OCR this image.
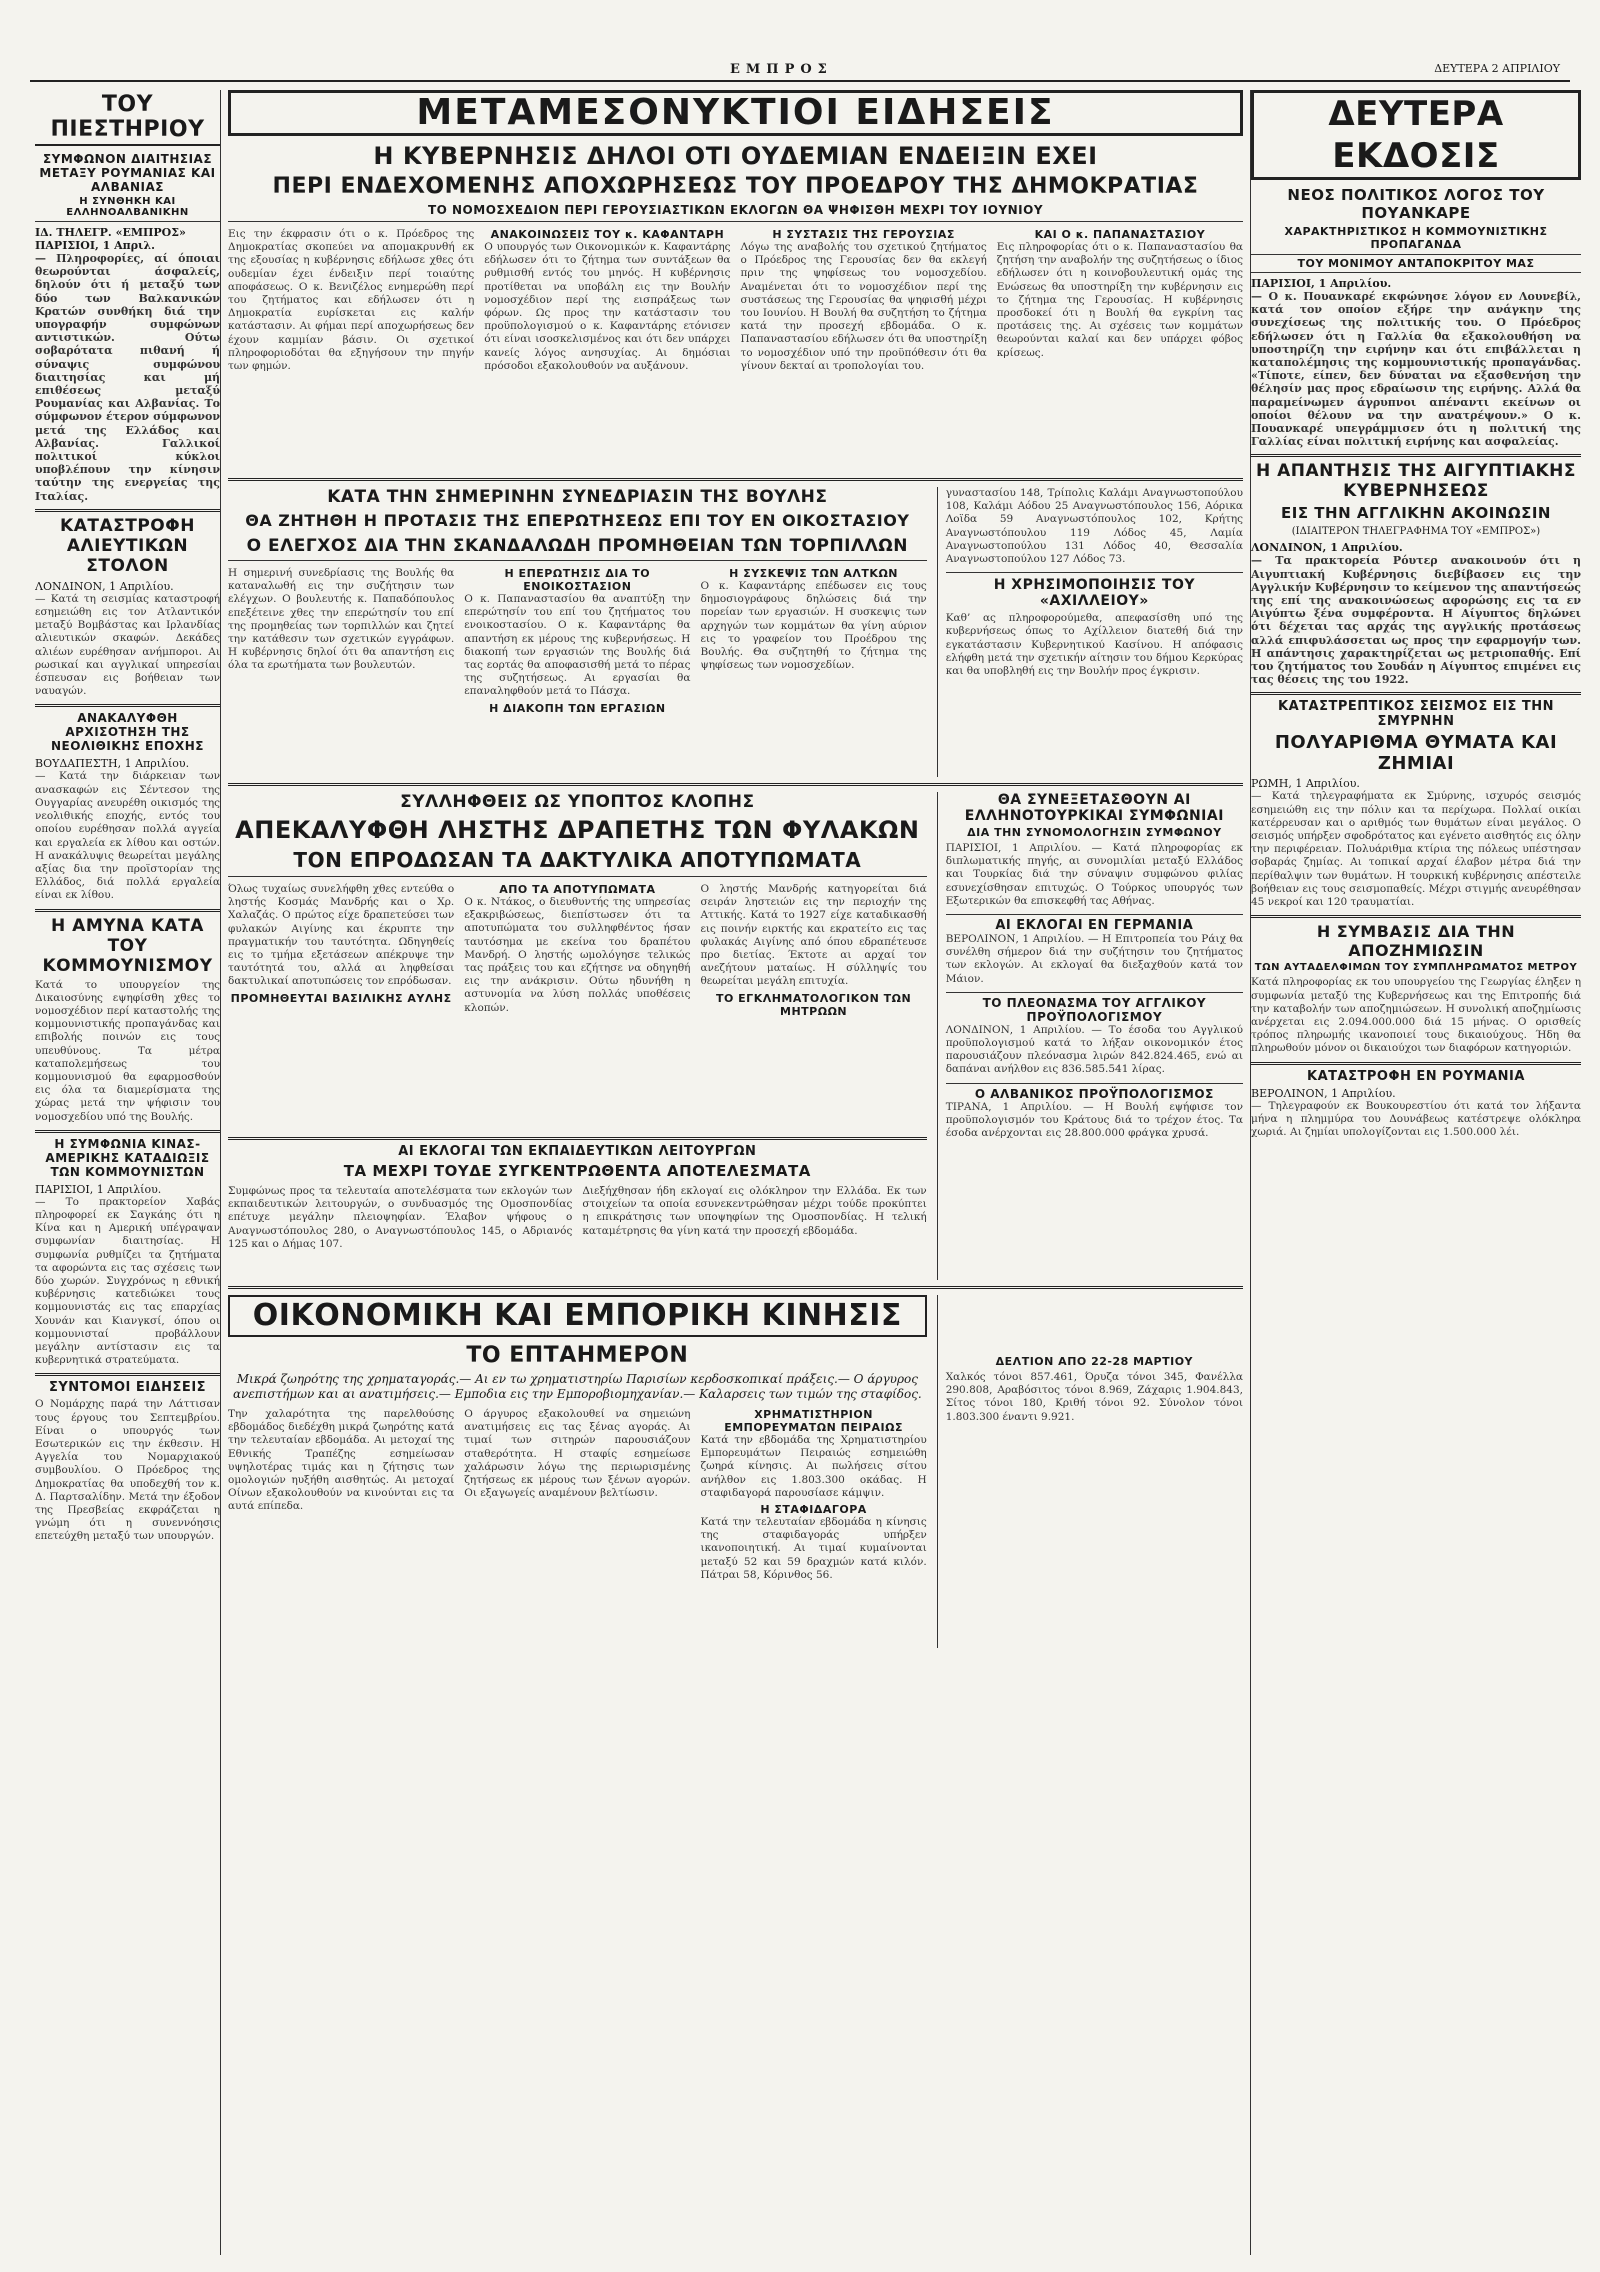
ΕΜΠΡΟΣ	ΔΕΥΤΕΡΑ 2 ΑΠΡΙΛΙΟΥ
ΤΟΥ ΠΙΕΣΤΗΡΙΟΥ
ΣΥΜΦΩΝΟΝ ΔΙΑΙΤΗΣΙΑΣ ΜΕΤΑΞΥ ΡΟΥΜΑΝΙΑΣ ΚΑΙ ΑΛΒΑΝΙΑΣ
Η ΣΥΝΘΗΚΗ ΚΑΙ ΕΛΛΗΝΟΑΛΒΑΝΙΚΗΝ
ΙΔ. ΤΗΛΕΓΡ. «ΕΜΠΡΟΣ» ΠΑΡΙΣΙΟΙ, 1 Απριλ.
— Πληροφορίες, αί όποιαι θεωρούνται άσφαλείς, δηλούν ότι ή μεταξύ των δύο των Βαλκανικών Κρατών συνθήκη διά την υπογραφήν συμφώνων αντιστικών. Ούτω σοβαρότατα πιθανή ή σύναψις συμφώνου διαιτησίας και μή επιθέσεως μεταξύ Ρουμανίας και Αλβανίας. Το σύμφωνον έτερον σύμφωνον μετά της Ελλάδος και Αλβανίας. Γαλλικοί πολιτικοί κύκλοι υποβλέπουν την κίνησιν ταύτην της ενεργείας της Ιταλίας.
ΚΑΤΑΣΤΡΟΦΗ ΑΛΙΕΥΤΙΚΩΝ ΣΤΟΛΟΝ
ΛΟΝΔΙΝΟΝ, 1 Απριλίου.
— Κατά τη σεισμίας καταστροφή εσημειώθη εις τον Ατλαντικόν μεταξύ Βομβάστας και Ιρλανδίας αλιευτικών σκαφών. Δεκάδες αλιέων ευρέθησαν ανήμποροι. Αι ρωσικαί και αγγλικαί υπηρεσίαι έσπευσαν εις βοήθειαν των ναυαγών.
ΑΝΑΚΑΛΥΦΘΗ ΑΡΧΙΣΟΤΗΣΗ ΤΗΣ ΝΕΟΛΙΘΙΚΗΣ ΕΠΟΧΗΣ
ΒΟΥΔΑΠΕΣΤΗ, 1 Απριλίου.
— Κατά την διάρκειαν των ανασκαφών εις Σέντεσον της Ουγγαρίας ανευρέθη οικισμός της νεολιθικής εποχής, εντός του οποίου ευρέθησαν πολλά αγγεία και εργαλεία εκ λίθου και οστών. Η ανακάλυψις θεωρείται μεγάλης αξίας δια την προϊστορίαν της Ελλάδος, διά πολλά εργαλεία είναι εκ λίθου.
Η ΑΜΥΝΑ ΚΑΤΑ ΤΟΥ ΚΟΜΜΟΥΝΙΣΜΟΥ
Κατά το υπουργείον της Δικαιοσύνης εψηφίσθη χθες το νομοσχέδιον περί καταστολής της κομμουνιστικής προπαγάνδας και επιβολής ποινών εις τους υπευθύνους. Τα μέτρα καταπολεμήσεως του κομμουνισμού θα εφαρμοσθούν εις όλα τα διαμερίσματα της χώρας μετά την ψήφισιν του νομοσχεδίου υπό της Βουλής.
Η ΣΥΜΦΩΝΙΑ ΚΙΝΑΣ-ΑΜΕΡΙΚΗΣ ΚΑΤΑΔΙΩΞΙΣ ΤΩΝ ΚΟΜΜΟΥΝΙΣΤΩΝ
ΠΑΡΙΣΙΟΙ, 1 Απριλίου.
— Το πρακτορείον Χαβάς πληροφορεί εκ Σαγκάης ότι η Κίνα και η Αμερική υπέγραψαν συμφωνίαν διαιτησίας. Η συμφωνία ρυθμίζει τα ζητήματα τα αφορώντα εις τας σχέσεις των δύο χωρών. Συγχρόνως η εθνική κυβέρνησις κατεδιώκει τους κομμουνιστάς εις τας επαρχίας Χουνάν και Κιανγκσί, όπου οι κομμουνισταί προβάλλουν μεγάλην αντίστασιν εις τα κυβερνητικά στρατεύματα.
ΣΥΝΤΟΜΟΙ ΕΙΔΗΣΕΙΣ
Ο Νομάρχης παρά την Λάττισαν τους έργους του Σεπτεμβρίου. Είναι ο υπουργός των Εσωτερικών εις την έκθεσιν. Η Αγγελία του Νομαρχιακού συμβουλίου. Ο Πρόεδρος της Δημοκρατίας θα υποδεχθή τον κ. Δ. Παρτσαλίδην. Μετά την έξοδον της Πρεσβείας εκφράζεται η γνώμη ότι η συνεννόησις επετεύχθη μεταξύ των υπουργών.
ΜΕΤΑΜΕΣΟΝΥΚΤΙΟΙ ΕΙΔΗΣΕΙΣ
Η ΚΥΒΕΡΝΗΣΙΣ ΔΗΛΟΙ ΟΤΙ ΟΥΔΕΜΙΑΝ ΕΝΔΕΙΞΙΝ ΕΧΕΙ
ΠΕΡΙ ΕΝΔΕΧΟΜΕΝΗΣ ΑΠΟΧΩΡΗΣΕΩΣ ΤΟΥ ΠΡΟΕΔΡΟΥ ΤΗΣ ΔΗΜΟΚΡΑΤΙΑΣ
ΤΟ ΝΟΜΟΣΧΕΔΙΟΝ ΠΕΡΙ ΓΕΡΟΥΣΙΑΣΤΙΚΩΝ ΕΚΛΟΓΩΝ ΘΑ ΨΗΦΙΣΘΗ ΜΕΧΡΙ ΤΟΥ ΙΟΥΝΙΟΥ
Εις την έκφρασιν ότι ο κ. Πρόεδρος της Δημοκρατίας σκοπεύει να απομακρυνθή εκ της εξουσίας η κυβέρνησις εδήλωσε χθες ότι ουδεμίαν έχει ένδειξιν περί τοιαύτης αποφάσεως. Ο κ. Βενιζέλος ενημερώθη περί του ζητήματος και εδήλωσεν ότι η Δημοκρατία ευρίσκεται εις καλήν κατάστασιν. Αι φήμαι περί αποχωρήσεως δεν έχουν καμμίαν βάσιν. Οι σχετικοί πληροφοριοδόται θα εξηγήσουν την πηγήν των φημών.
ΑΝΑΚΟΙΝΩΣΕΙΣ ΤΟΥ κ. ΚΑΦΑΝΤΑΡΗ
Ο υπουργός των Οικονομικών κ. Καφαντάρης εδήλωσεν ότι το ζήτημα των συντάξεων θα ρυθμισθή εντός του μηνός. Η κυβέρνησις προτίθεται να υποβάλη εις την Βουλήν νομοσχέδιον περί της εισπράξεως των φόρων. Ως προς την κατάστασιν του προϋπολογισμού ο κ. Καφαντάρης ετόνισεν ότι είναι ισοσκελισμένος και ότι δεν υπάρχει κανείς λόγος ανησυχίας. Αι δημόσιαι πρόσοδοι εξακολουθούν να αυξάνουν.
Η ΣΥΣΤΑΣΙΣ ΤΗΣ ΓΕΡΟΥΣΙΑΣ
Λόγω της αναβολής του σχετικού ζητήματος ο Πρόεδρος της Γερουσίας δεν θα εκλεγή πριν της ψηφίσεως του νομοσχεδίου. Αναμένεται ότι το νομοσχέδιον περί της συστάσεως της Γερουσίας θα ψηφισθή μέχρι του Ιουνίου. Η Βουλή θα συζητήση το ζήτημα κατά την προσεχή εβδομάδα. Ο κ. Παπαναστασίου εδήλωσεν ότι θα υποστηρίξη το νομοσχέδιον υπό την προϋπόθεσιν ότι θα γίνουν δεκταί αι τροπολογίαι του.
ΚΑΙ Ο κ. ΠΑΠΑΝΑΣΤΑΣΙΟΥ
Εις πληροφορίας ότι ο κ. Παπαναστασίου θα ζητήση την αναβολήν της συζητήσεως ο ίδιος εδήλωσεν ότι η κοινοβουλευτική ομάς της Ενώσεως θα υποστηρίξη την κυβέρνησιν εις το ζήτημα της Γερουσίας. Η κυβέρνησις προσδοκεί ότι η Βουλή θα εγκρίνη τας προτάσεις της. Αι σχέσεις των κομμάτων θεωρούνται καλαί και δεν υπάρχει φόβος κρίσεως.
ΚΑΤΑ ΤΗΝ ΣΗΜΕΡΙΝΗΝ ΣΥΝΕΔΡΙΑΣΙΝ ΤΗΣ ΒΟΥΛΗΣ
ΘΑ ΖΗΤΗΘΗ Η ΠΡΟΤΑΣΙΣ ΤΗΣ ΕΠΕΡΩΤΗΣΕΩΣ ΕΠΙ ΤΟΥ ΕΝ ΟΙΚΟΣΤΑΣΙΟΥ
Ο ΕΛΕΓΧΟΣ ΔΙΑ ΤΗΝ ΣΚΑΝΔΑΛΩΔΗ ΠΡΟΜΗΘΕΙΑΝ ΤΩΝ ΤΟΡΠΙΛΛΩΝ
Η σημερινή συνεδρίασις της Βουλής θα καταναλωθή εις την συζήτησιν των ελέγχων. Ο βουλευτής κ. Παπαδόπουλος επεξέτεινε χθες την επερώτησίν του επί της προμηθείας των τορπιλλών και ζητεί την κατάθεσιν των σχετικών εγγράφων. Η κυβέρνησις δηλοί ότι θα απαντήση εις όλα τα ερωτήματα των βουλευτών.
Η ΕΠΕΡΩΤΗΣΙΣ ΔΙΑ ΤΟ ΕΝΟΙΚΟΣΤΑΣΙΟΝ
Ο κ. Παπαναστασίου θα αναπτύξη την επερώτησίν του επί του ζητήματος του ενοικοστασίου. Ο κ. Καφαντάρης θα απαντήση εκ μέρους της κυβερνήσεως. Η διακοπή των εργασιών της Βουλής διά τας εορτάς θα αποφασισθή μετά το πέρας της συζητήσεως. Αι εργασίαι θα επαναληφθούν μετά το Πάσχα.
Η ΔΙΑΚΟΠΗ ΤΩΝ ΕΡΓΑΣΙΩΝ
Η ΣΥΣΚΕΨΙΣ ΤΩΝ ΑΛΤΚΩΝ
Ο κ. Καφαντάρης επέδωσεν εις τους δημοσιογράφους δηλώσεις διά την πορείαν των εργασιών. Η συσκεψις των αρχηγών των κομμάτων θα γίνη αύριον εις το γραφείον του Προέδρου της Βουλής. Θα συζητηθή το ζήτημα της ψηφίσεως των νομοσχεδίων.
γυναστασίου 148, Τρίπολις Καλάμι Αναγνωστοπούλου 108, Καλάμι Αόδου 25 Αναγνωστόπουλος 156, Αόρικα Λοϊδα 59 Αναγνωστόπουλος 102, Κρήτης Αναγνωστόπουλου 119 Λόδος 45, Λαμία Αναγνωστοπούλου 131 Λόδος 40, Θεσσαλία Αναγνωστοπούλου 127 Λόδος 73.
Η ΧΡΗΣΙΜΟΠΟΙΗΣΙΣ ΤΟΥ «ΑΧΙΛΛΕΙΟΥ»
Καθ’ ας πληροφορούμεθα, απεφασίσθη υπό της κυβερνήσεως όπως το Αχίλλειον διατεθή διά την εγκατάστασιν Κυβερνητικού Κασίνου. Η απόφασις ελήφθη μετά την σχετικήν αίτησιν του δήμου Κερκύρας και θα υποβληθή εις την Βουλήν προς έγκρισιν.
ΣΥΛΛΗΦΘΕΙΣ ΩΣ ΥΠΟΠΤΟΣ ΚΛΟΠΗΣ
ΑΠΕΚΑΛΥΦΘΗ ΛΗΣΤΗΣ ΔΡΑΠΕΤΗΣ ΤΩΝ ΦΥΛΑΚΩΝ
ΤΟΝ ΕΠΡΟΔΩΣΑΝ ΤΑ ΔΑΚΤΥΛΙΚΑ ΑΠΟΤΥΠΩΜΑΤΑ
Όλως τυχαίως συνελήφθη χθες εντεύθα ο ληστής Κοσμάς Μανδρής και ο Χρ. Χαλαζάς. Ο πρώτος είχε δραπετεύσει των φυλακών Αιγίνης και έκρυπτε την πραγματικήν του ταυτότητα. Ωδηγηθείς εις το τμήμα εξετάσεων απέκρυψε την ταυτότητά του, αλλά αι ληφθείσαι δακτυλικαί αποτυπώσεις τον επρόδωσαν.
ΠΡΟΜΗΘΕΥΤΑΙ ΒΑΣΙΛΙΚΗΣ ΑΥΛΗΣ
ΑΠΟ ΤΑ ΑΠΟΤΥΠΩΜΑΤΑ
Ο κ. Ντάκος, ο διευθυντής της υπηρεσίας εξακριβώσεως, διεπίστωσεν ότι τα αποτυπώματα του συλληφθέντος ήσαν ταυτόσημα με εκείνα του δραπέτου Μανδρή. Ο ληστής ωμολόγησε τελικώς τας πράξεις του και εζήτησε να οδηγηθή εις την ανάκρισιν. Ούτω ηδυνήθη η αστυνομία να λύση πολλάς υποθέσεις κλοπών.
Ο ληστής Μανδρής κατηγορείται διά σειράν ληστειών εις την περιοχήν της Αττικής. Κατά το 1927 είχε καταδικασθή εις ποινήν ειρκτής και εκρατείτο εις τας φυλακάς Αιγίνης από όπου εδραπέτευσε προ διετίας. Έκτοτε αι αρχαί τον ανεζήτουν ματαίως. Η σύλληψίς του θεωρείται μεγάλη επιτυχία.
ΤΟ ΕΓΚΛΗΜΑΤΟΛΟΓΙΚΟΝ ΤΩΝ ΜΗΤΡΩΩΝ
ΑΙ ΕΚΛΟΓΑΙ ΤΩΝ ΕΚΠΑΙΔΕΥΤΙΚΩΝ ΛΕΙΤΟΥΡΓΩΝ
ΤΑ ΜΕΧΡΙ ΤΟΥΔΕ ΣΥΓΚΕΝΤΡΩΘΕΝΤΑ ΑΠΟΤΕΛΕΣΜΑΤΑ
Συμφώνως προς τα τελευταία αποτελέσματα των εκλογών των εκπαιδευτικών λειτουργών, ο συνδυασμός της Ομοσπονδίας επέτυχε μεγάλην πλειοψηφίαν. Έλαβον ψήφους ο Αναγνωστόπουλος 280, ο Αναγνωστόπουλος 145, ο Αδριανός 125 και ο Δήμας 107.
Διεξήχθησαν ήδη εκλογαί εις ολόκληρον την Ελλάδα. Εκ των στοιχείων τα οποία εσυνεκεντρώθησαν μέχρι τούδε προκύπτει η επικράτησις των υποψηφίων της Ομοσπονδίας. Η τελική καταμέτρησις θα γίνη κατά την προσεχή εβδομάδα.
ΘΑ ΣΥΝΕΞΕΤΑΣΘΟΥΝ ΑΙ ΕΛΛΗΝΟΤΟΥΡΚΙΚΑΙ ΣΥΜΦΩΝΙΑΙ
ΔΙΑ ΤΗΝ ΣΥΝΟΜΟΛΟΓΗΣΙΝ ΣΥΜΦΩΝΟΥ
ΠΑΡΙΣΙΟΙ, 1 Απριλίου. — Κατά πληροφορίας εκ διπλωματικής πηγής, αι συνομιλίαι μεταξύ Ελλάδος και Τουρκίας διά την σύναψιν συμφώνου φιλίας εσυνεχίσθησαν επιτυχώς. Ο Τούρκος υπουργός των Εξωτερικών θα επισκεφθή τας Αθήνας.
ΑΙ ΕΚΛΟΓΑΙ ΕΝ ΓΕΡΜΑΝΙΑ
ΒΕΡΟΛΙΝΟΝ, 1 Απριλίου. — Η Επιτροπεία του Ράιχ θα συνέλθη σήμερον διά την συζήτησιν του ζητήματος των εκλογών. Αι εκλογαί θα διεξαχθούν κατά τον Μάιον.
ΤΟ ΠΛΕΟΝΑΣΜΑ ΤΟΥ ΑΓΓΛΙΚΟΥ ΠΡΟΫΠΟΛΟΓΙΣΜΟΥ
ΛΟΝΔΙΝΟΝ, 1 Απριλίου. — Το έσοδα του Αγγλικού προϋπολογισμού κατά το λήξαν οικονομικόν έτος παρουσιάζουν πλεόνασμα λιρών 842.824.465, ενώ αι δαπάναι ανήλθον εις 836.585.541 λίρας.
Ο ΑΛΒΑΝΙΚΟΣ ΠΡΟΫΠΟΛΟΓΙΣΜΟΣ
ΤΙΡΑΝΑ, 1 Απριλίου. — Η Βουλή εψήφισε τον προϋπολογισμόν του Κράτους διά το τρέχον έτος. Τα έσοδα ανέρχονται εις 28.800.000 φράγκα χρυσά.
ΟΙΚΟΝΟΜΙΚΗ ΚΑΙ ΕΜΠΟΡΙΚΗ ΚΙΝΗΣΙΣ
ΤΟ ΕΠΤΑΗΜΕΡΟΝ
Μικρά ζωηρότης της χρηματαγοράς.— Αι εν τω χρηματιστηρίω Παρισίων κερδοσκοπικαί πράξεις.— Ο άργυρος ανεπιστήμων και αι ανατιμήσεις.— Εμποδια εις την Εμποροβιομηχανίαν.— Καλαρσεις των τιμών της σταφίδος.
Την χαλαρότητα της παρελθούσης εβδομάδος διεδέχθη μικρά ζωηρότης κατά την τελευταίαν εβδομάδα. Αι μετοχαί της Εθνικής Τραπέζης εσημείωσαν υψηλοτέρας τιμάς και η ζήτησις των ομολογιών ηυξήθη αισθητώς. Αι μετοχαί Οίνων εξακολουθούν να κινούνται εις τα αυτά επίπεδα.
Ο άργυρος εξακολουθεί να σημειώνη ανατιμήσεις εις τας ξένας αγοράς. Αι τιμαί των σιτηρών παρουσιάζουν σταθερότητα. Η σταφίς εσημείωσε χαλάρωσιν λόγω της περιωρισμένης ζητήσεως εκ μέρους των ξένων αγορών. Οι εξαγωγείς αναμένουν βελτίωσιν.
ΧΡΗΜΑΤΙΣΤΗΡΙΟΝ ΕΜΠΟΡΕΥΜΑΤΩΝ ΠΕΙΡΑΙΩΣ
Κατά την εβδομάδα της Χρηματιστηρίου Εμπορευμάτων Πειραιώς εσημειώθη ζωηρά κίνησις. Αι πωλήσεις σίτου ανήλθον εις 1.803.300 οκάδας. Η σταφιδαγορά παρουσίασε κάμψιν.
Η ΣΤΑΦΙΔΑΓΟΡΑ
Κατά την τελευταίαν εβδομάδα η κίνησις της σταφιδαγοράς υπήρξεν ικανοποιητική. Αι τιμαί κυμαίνονται μεταξύ 52 και 59 δραχμών κατά κιλόν. Πάτραι 58, Κόρινθος 56.
ΔΕΛΤΙΟΝ ΑΠΟ 22-28 ΜΑΡΤΙΟΥ
Χαλκός τόνοι 857.461, Όρυζα τόνοι 345, Φανέλλα 290.808, Αραβόσιτος τόνοι 8.969, Ζάχαρις 1.904.843, Σίτος τόνοι 180, Κριθή τόνοι 92. Σύνολον τόνοι 1.803.300 έναντι 9.921.
ΔΕΥΤΕΡΑ ΕΚΔΟΣΙΣ
ΝΕΟΣ ΠΟΛΙΤΙΚΟΣ ΛΟΓΟΣ ΤΟΥ ΠΟΥΑΝΚΑΡΕ
ΧΑΡΑΚΤΗΡΙΣΤΙΚΟΣ Η ΚΟΜΜΟΥΝΙΣΤΙΚΗΣ ΠΡΟΠΑΓΑΝΔΑ
ΤΟΥ ΜΟΝΙΜΟΥ ΑΝΤΑΠΟΚΡΙΤΟΥ ΜΑΣ
ΠΑΡΙΣΙΟΙ, 1 Απριλίου.
— Ο κ. Πουανκαρέ εκφώνησε λόγον εν Λουνεβίλ, κατά τον οποίον εξήρε την ανάγκην της συνεχίσεως της πολιτικής του. Ο Πρόεδρος εδήλωσεν ότι η Γαλλία θα εξακολουθήση να υποστηρίζη την ειρήνην και ότι επιβάλλεται η καταπολέμησις της κομμουνιστικής προπαγάνδας. «Τίποτε, είπεν, δεν δύναται να εξασθενήση την θέλησίν μας προς εδραίωσιν της ειρήνης. Αλλά θα παραμείνωμεν άγρυπνοι απέναντι εκείνων οι οποίοι θέλουν να την ανατρέψουν.» Ο κ. Πουανκαρέ υπεγράμμισεν ότι η πολιτική της Γαλλίας είναι πολιτική ειρήνης και ασφαλείας.
Η ΑΠΑΝΤΗΣΙΣ ΤΗΣ ΑΙΓΥΠΤΙΑΚΗΣ ΚΥΒΕΡΝΗΣΕΩΣ
ΕΙΣ ΤΗΝ ΑΓΓΛΙΚΗΝ ΑΚΟΙΝΩΣΙΝ
(ΙΔΙΑΙΤΕΡΟΝ ΤΗΛΕΓΡΑΦΗΜΑ ΤΟΥ «ΕΜΠΡΟΣ»)
ΛΟΝΔΙΝΟΝ, 1 Απριλίου.
— Τα πρακτορεία Ρόυτερ ανακοινούν ότι η Αιγυπτιακή Κυβέρνησις διεβίβασεν εις την Αγγλικήν Κυβέρνησιν το κείμενον της απαντήσεώς της επί της ανακοινώσεως αφορώσης εις τα εν Αιγύπτω ξένα συμφέροντα. Η Αίγυπτος δηλώνει ότι δέχεται τας αρχάς της αγγλικής προτάσεως αλλά επιφυλάσσεται ως προς την εφαρμογήν των. Η απάντησις χαρακτηρίζεται ως μετριοπαθής. Επί του ζητήματος του Σουδάν η Αίγυπτος επιμένει εις τας θέσεις της του 1922.
ΚΑΤΑΣΤΡΕΠΤΙΚΟΣ ΣΕΙΣΜΟΣ ΕΙΣ ΤΗΝ ΣΜΥΡΝΗΝ
ΠΟΛΥΑΡΙΘΜΑ ΘΥΜΑΤΑ ΚΑΙ ΖΗΜΙΑΙ
ΡΩΜΗ, 1 Απριλίου.
— Κατά τηλεγραφήματα εκ Σμύρνης, ισχυρός σεισμός εσημειώθη εις την πόλιν και τα περίχωρα. Πολλαί οικίαι κατέρρευσαν και ο αριθμός των θυμάτων είναι μεγάλος. Ο σεισμός υπήρξεν σφοδρότατος και εγένετο αισθητός εις όλην την περιφέρειαν. Πολυάριθμα κτίρια της πόλεως υπέστησαν σοβαράς ζημίας. Αι τοπικαί αρχαί έλαβον μέτρα διά την περίθαλψιν των θυμάτων. Η τουρκική κυβέρνησις απέστειλε βοήθειαν εις τους σεισμοπαθείς. Μέχρι στιγμής ανευρέθησαν 45 νεκροί και 120 τραυματίαι.
Η ΣΥΜΒΑΣΙΣ ΔΙΑ ΤΗΝ ΑΠΟΖΗΜΙΩΣΙΝ
ΤΩΝ ΑΥΤΑΔΕΛΦΙΜΩΝ ΤΟΥ ΣΥΜΠΛΗΡΩΜΑΤΟΣ ΜΕΤΡΟΥ
Κατά πληροφορίας εκ του υπουργείου της Γεωργίας έληξεν η συμφωνία μεταξύ της Κυβερνήσεως και της Επιτροπής διά την καταβολήν των αποζημιώσεων. Η συνολική αποζημίωσις ανέρχεται εις 2.094.000.000 διά 15 μήνας. Ο ορισθείς τρόπος πληρωμής ικανοποιεί τους δικαιούχους. Ήδη θα πληρωθούν μόνον οι δικαιούχοι των διαφόρων κατηγοριών.
ΚΑΤΑΣΤΡΟΦΗ ΕΝ ΡΟΥΜΑΝΙΑ
ΒΕΡΟΛΙΝΟΝ, 1 Απριλίου.
— Τηλεγραφούν εκ Βουκουρεστίου ότι κατά τον λήξαντα μήνα η πλημμύρα του Δουνάβεως κατέστρεψε ολόκληρα χωριά. Αι ζημίαι υπολογίζονται εις 1.500.000 λέι.
